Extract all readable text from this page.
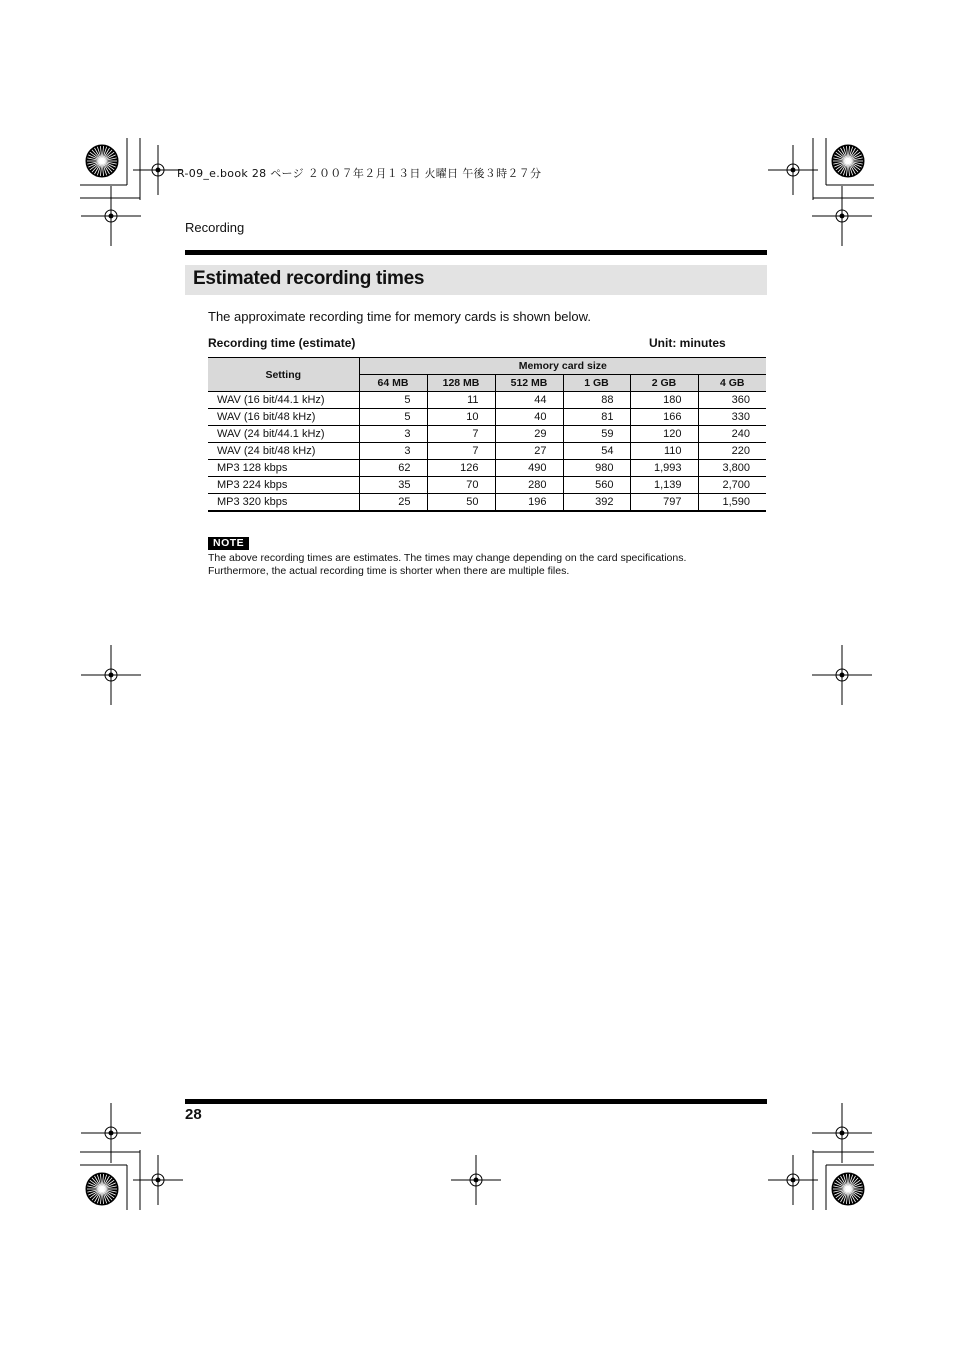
R-09_e.book 28 ページ ２００７年２月１３日 火曜日 午後３時２７分
Recording
Estimated recording times
The approximate recording time for memory cards is shown below.
Recording time (estimate)	Unit: minutes
Setting	Memory card size					
	64 MB	128 MB	512 MB	1 GB	2 GB	4 GB
WAV (16 bit/44.1 kHz)	5	11	44	88	180	360
WAV (16 bit/48 kHz)	5	10	40	81	166	330
WAV (24 bit/44.1 kHz)	3	7	29	59	120	240
WAV (24 bit/48 kHz)	3	7	27	54	110	220
MP3 128 kbps	62	126	490	980	1,993	3,800
MP3 224 kbps	35	70	280	560	1,139	2,700
MP3 320 kbps	25	50	196	392	797	1,590
NOTE
The above recording times are estimates. The times may change depending on the card specifications.
Furthermore, the actual recording time is shorter when there are multiple files.
28
